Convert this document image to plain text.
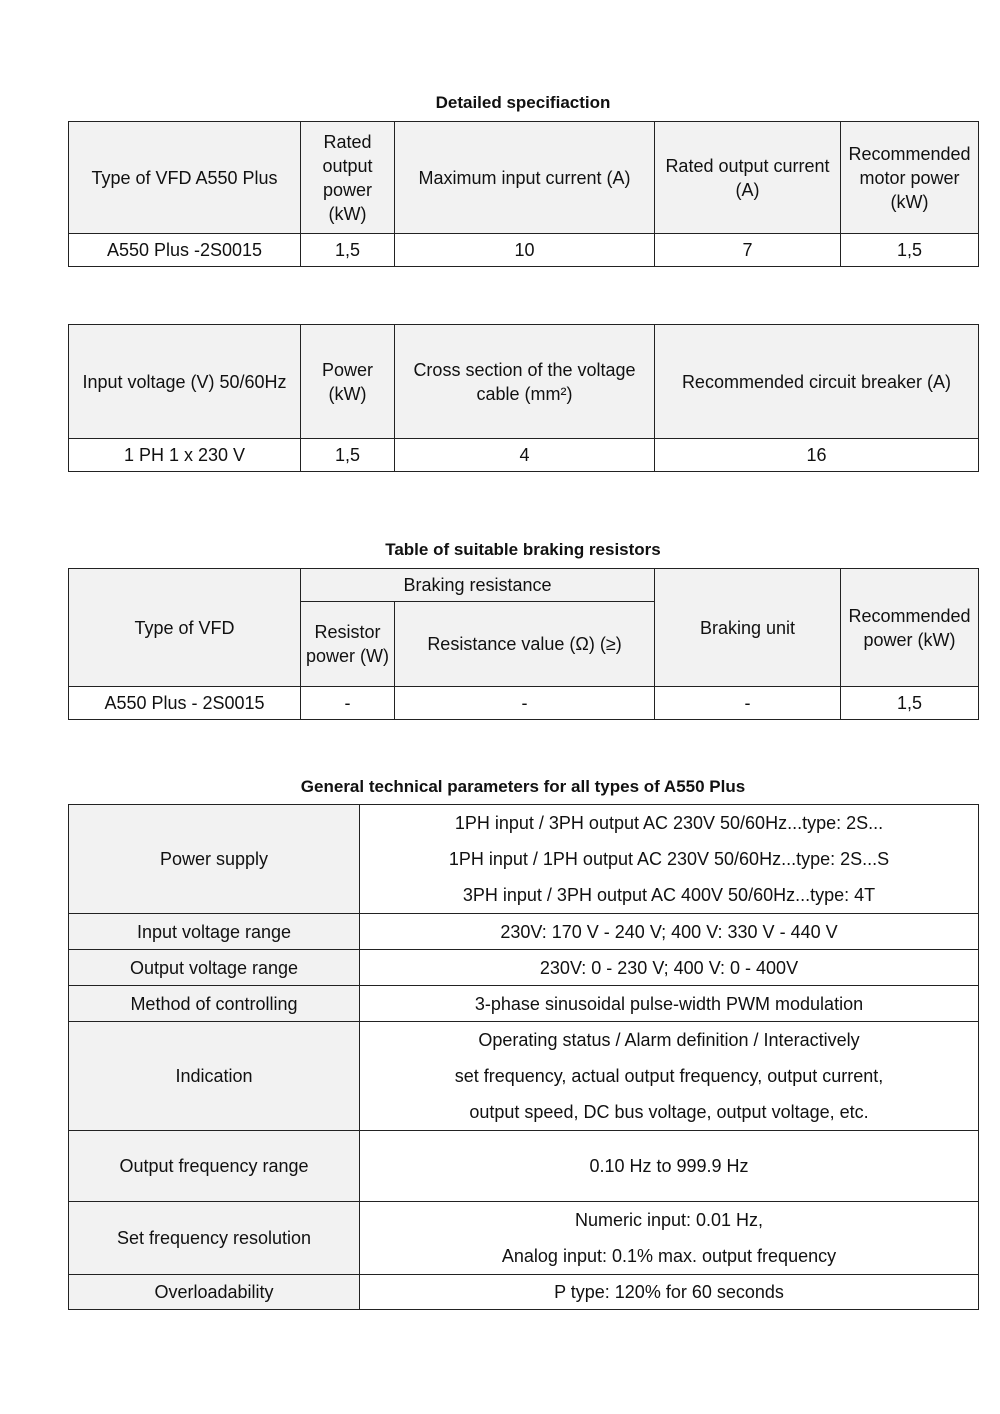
Detailed specifiaction
Type of VFD A550 Plus	Rated output power (kW)	Maximum input current (A)	Rated output current (A)	Recommended motor power (kW)
A550 Plus -2S0015	1,5	10	7	1,5
Input voltage (V) 50/60Hz	Power (kW)	Cross section of the voltage cable (mm²)	Recommended circuit breaker (A)
1 PH 1 x 230 V	1,5	4	16
Table of suitable braking resistors
Type of VFD	Braking resistance		Braking unit	Recommended power (kW)
	Resistor power (W)	Resistance value (Ω) (≥)		
A550 Plus - 2S0015	-	-	-	1,5
General technical parameters for all types of A550 Plus
Power supply	1PH input / 3PH output AC 230V 50/60Hz...type: 2S...
1PH input / 1PH output AC 230V 50/60Hz...type: 2S...S
3PH input / 3PH output AC 400V 50/60Hz...type: 4T

Input voltage range	230V: 170 V - 240 V; 400 V: 330 V - 440 V
Output voltage range	230V: 0 - 230 V; 400 V: 0 - 400V
Method of controlling	3-phase sinusoidal pulse-width PWM modulation
Indication	Operating status / Alarm definition / Interactively
set frequency, actual output frequency, output current,
output speed, DC bus voltage, output voltage, etc.

Output frequency range	0.10 Hz to 999.9 Hz
Set frequency resolution	Numeric input: 0.01 Hz,
Analog input: 0.1% max. output frequency

Overloadability	P type: 120% for 60 seconds
